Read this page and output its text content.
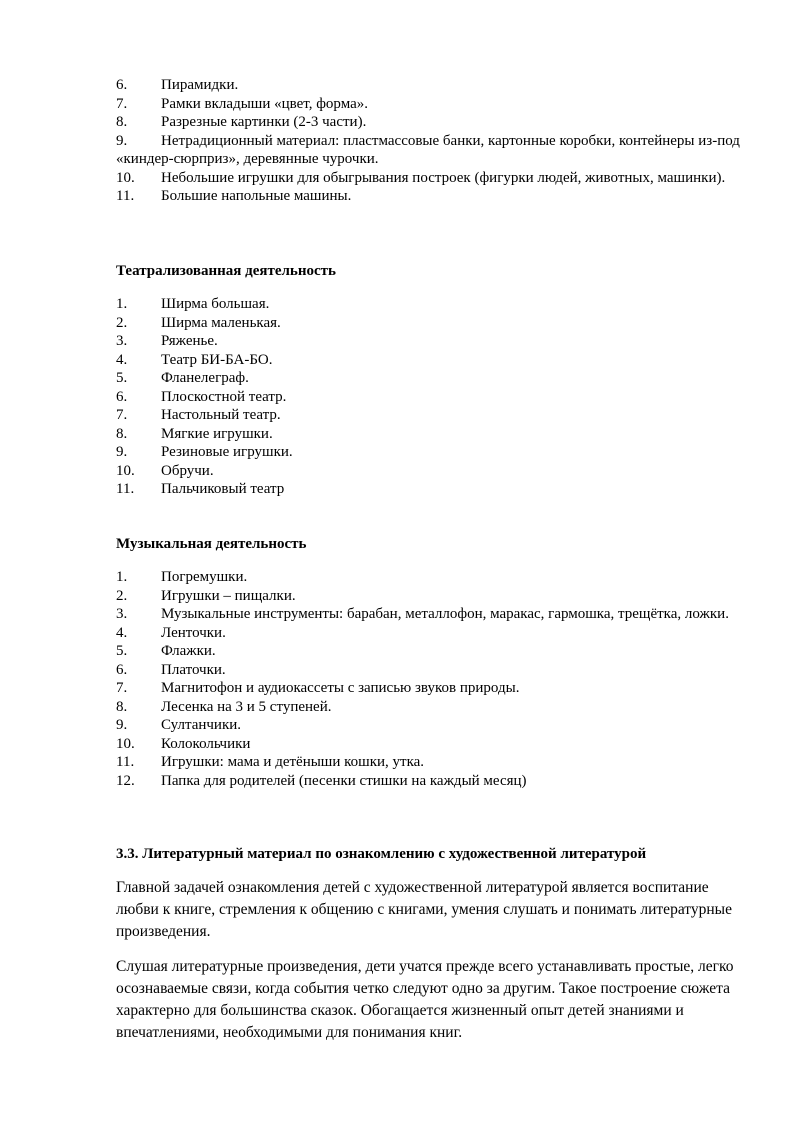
6. Пирамидки.
7. Рамки вкладыши «цвет, форма».
8. Разрезные картинки (2-3 части).
9. Нетрадиционный материал: пластмассовые банки, картонные коробки, контейнеры из-под «киндер-сюрприз», деревянные чурочки.
10. Небольшие игрушки для обыгрывания построек (фигурки людей, животных, машинки).
11. Большие напольные машины.
Театрализованная деятельность
1. Ширма большая.
2. Ширма маленькая.
3. Ряженье.
4. Театр БИ-БА-БО.
5. Фланелеграф.
6. Плоскостной театр.
7. Настольный театр.
8. Мягкие игрушки.
9. Резиновые игрушки.
10. Обручи.
11. Пальчиковый театр
Музыкальная деятельность
1. Погремушки.
2. Игрушки – пищалки.
3. Музыкальные инструменты: барабан, металлофон, маракас, гармошка, трещётка, ложки.
4. Ленточки.
5. Флажки.
6. Платочки.
7. Магнитофон и аудиокассеты с записью звуков природы.
8. Лесенка на 3 и 5 ступеней.
9. Султанчики.
10. Колокольчики
11. Игрушки: мама и детёныши кошки, утка.
12. Папка для родителей (песенки стишки на каждый месяц)
3.3. Литературный материал по ознакомлению с художественной литературой
Главной задачей ознакомления детей с художественной литературой является воспитание любви к книге, стремления к общению с книгами, умения слушать и понимать литературные произведения.
Слушая литературные произведения, дети учатся прежде всего устанавливать простые, легко осознаваемые связи, когда события четко следуют одно за другим. Такое построение сюжета характерно для большинства сказок. Обогащается жизненный опыт детей знаниями и впечатлениями, необходимыми для понимания книг.
